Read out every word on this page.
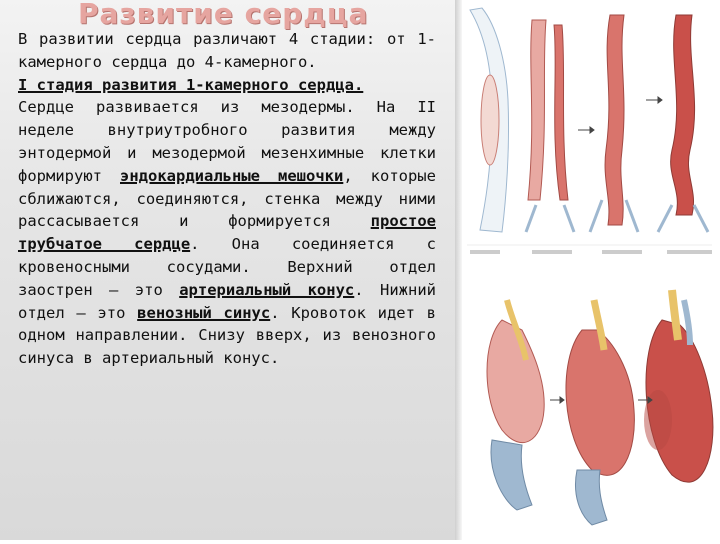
Развитие сердца

В развитии сердца различают 4 стадии: от 1-камерного сердца до 4-камерного.

I стадия развития 1-камерного сердца.

Сердце развивается из мезодермы. На II неделе внутриутробного развития между энтодермой и мезодермой мезенхимные клетки формируют эндокардиальные мешочки, которые сближаются, соединяются, стенка между ними рассасывается и формируется простое трубчатое сердце. Она соединяется с кровеносными сосудами. Верхний отдел заострен – это артериальный конус. Нижний отдел – это венозный синус. Кровоток идет в одном направлении. Снизу вверх, из венозного синуса в артериальный конус.
